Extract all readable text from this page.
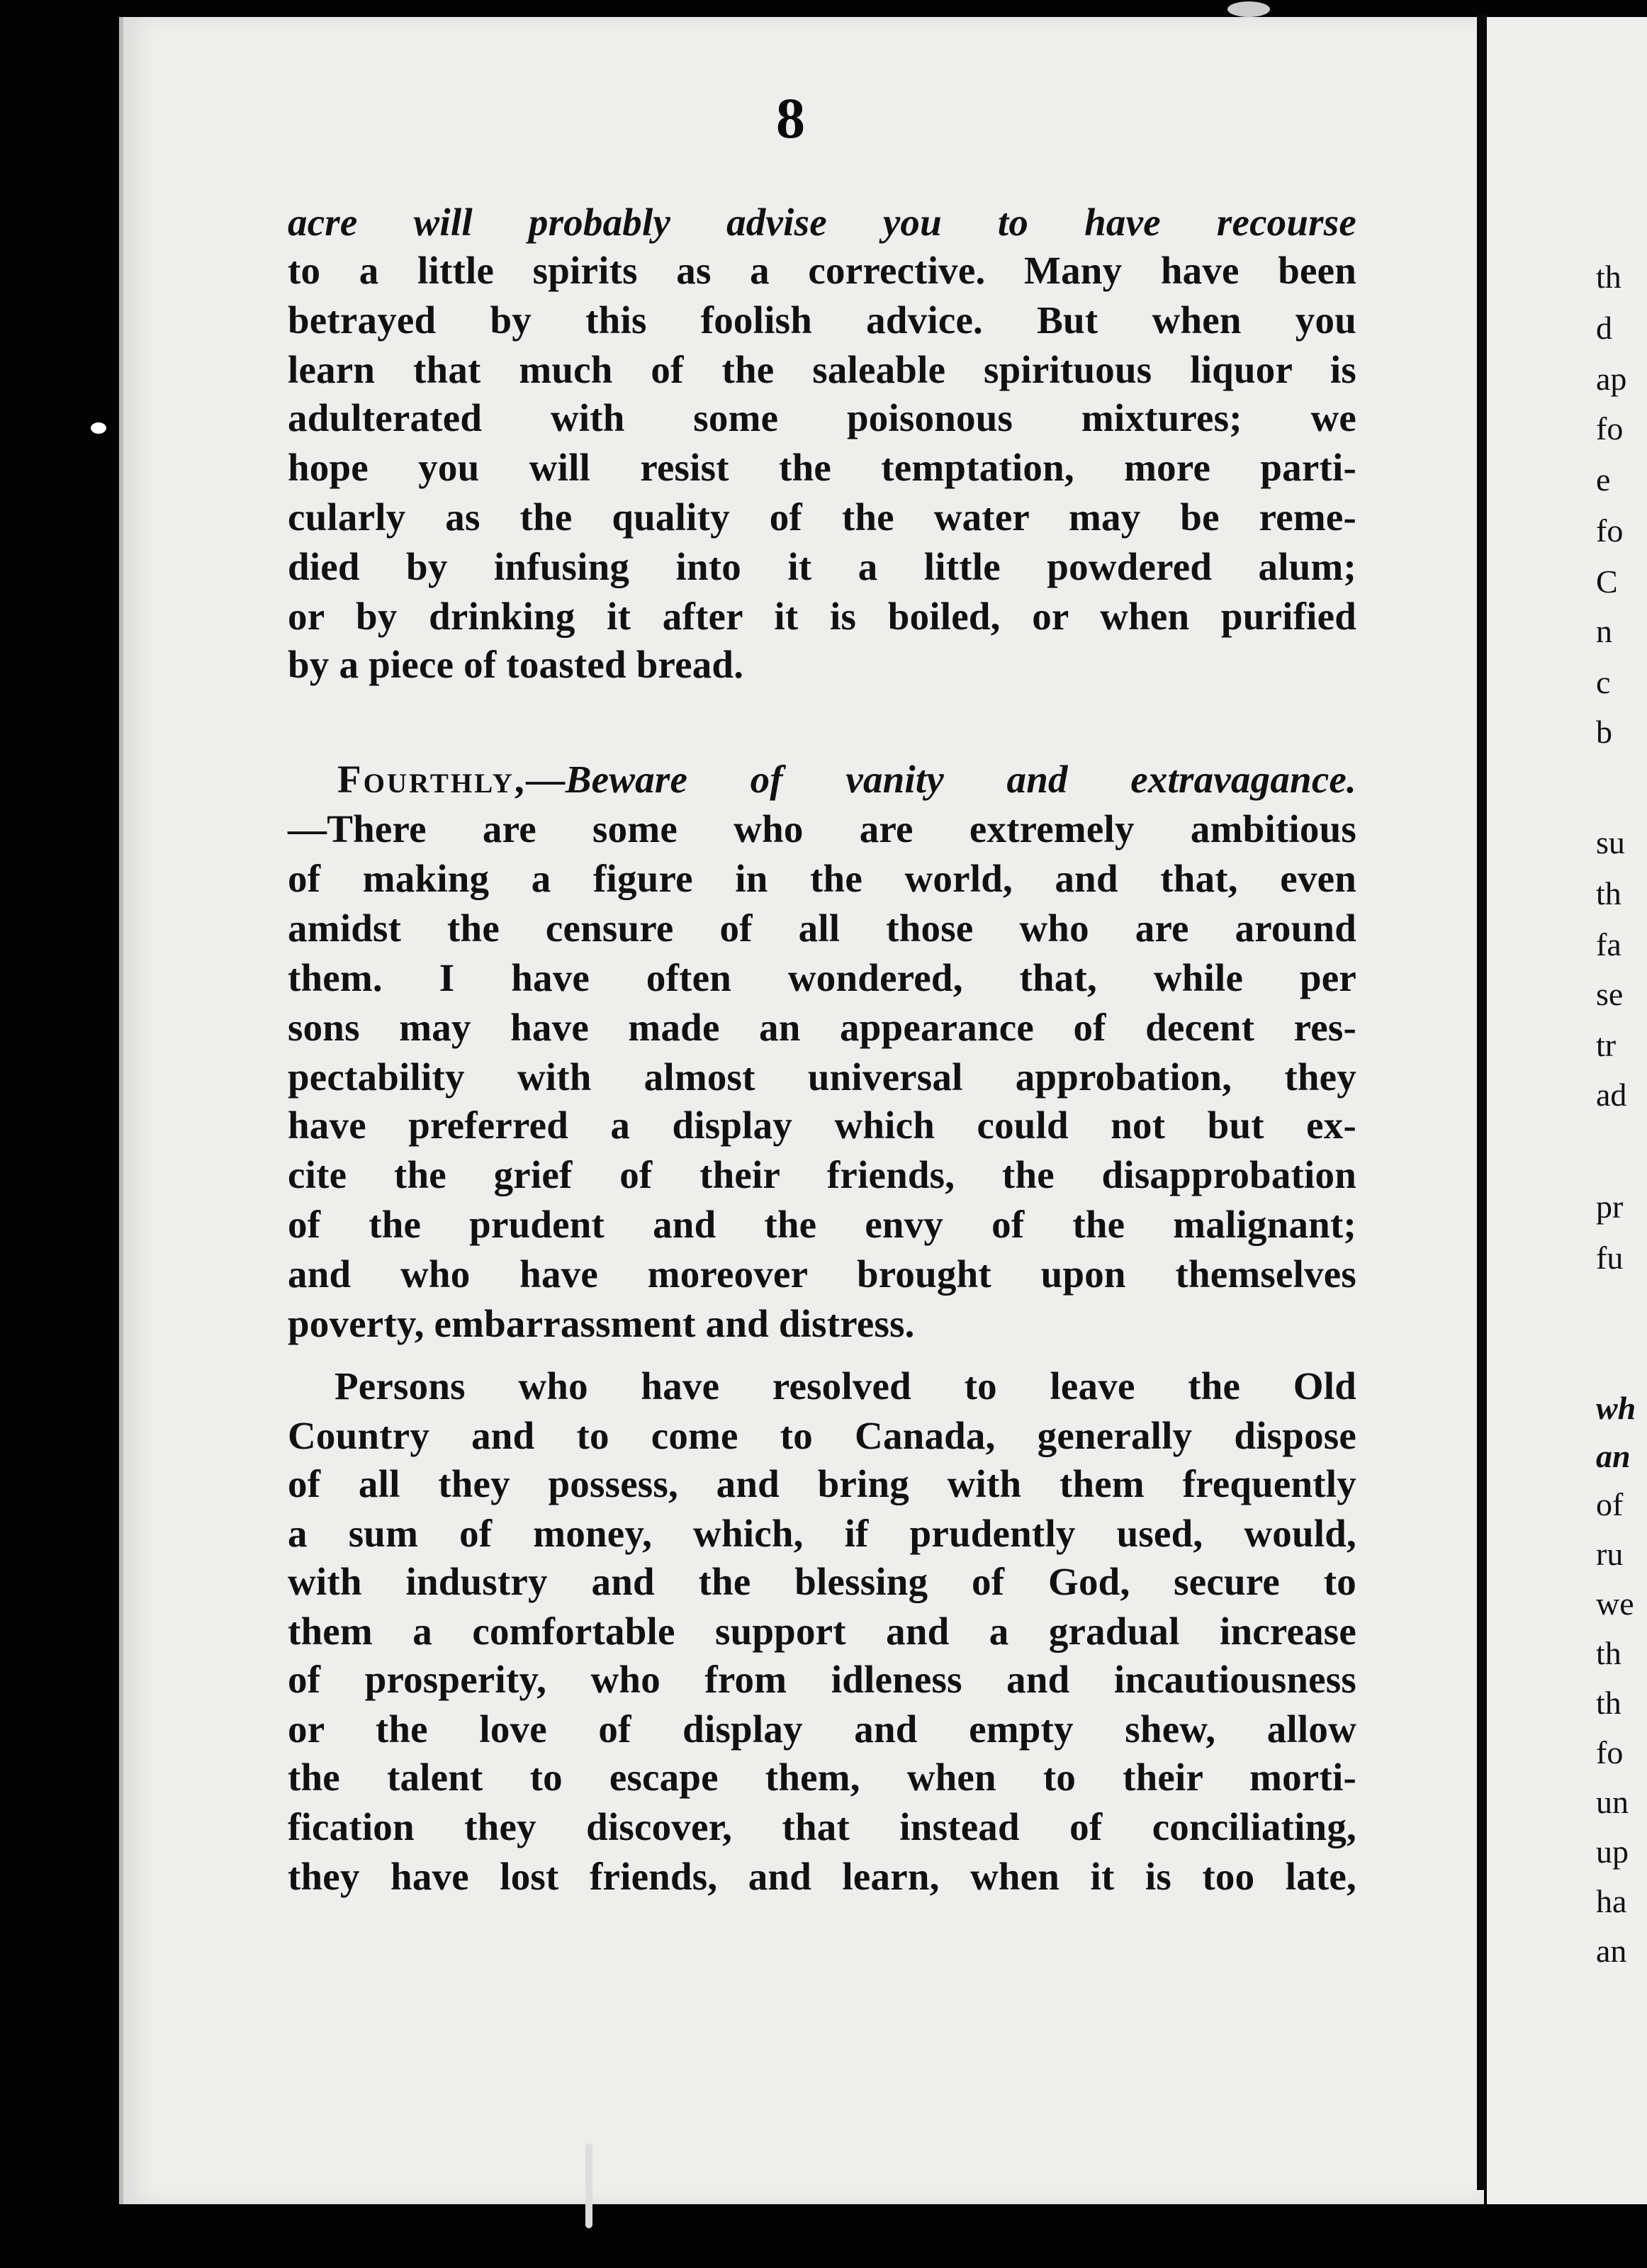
8
acre will probably advise you to have recourse
to a little spirits as a corrective. Many have been
betrayed by this foolish advice. But when you
learn that much of the saleable spirituous liquor is
adulterated with some poisonous mixtures; we
hope you will resist the temptation, more parti-
cularly as the quality of the water may be reme-
died by infusing into it a little powdered alum;
or by drinking it after it is boiled, or when purified
by a piece of toasted bread.
Fourthly,—Beware of vanity and extravagance.
—There are some who are extremely ambitious
of making a figure in the world, and that, even
amidst the censure of all those who are around
them. I have often wondered, that, while per
sons may have made an appearance of decent res-
pectability with almost universal approbation, they
have preferred a display which could not but ex-
cite the grief of their friends, the disapprobation
of the prudent and the envy of the malignant;
and who have moreover brought upon themselves
poverty, embarrassment and distress.
Persons who have resolved to leave the Old
Country and to come to Canada, generally dispose
of all they possess, and bring with them frequently
a sum of money, which, if prudently used, would,
with industry and the blessing of God, secure to
them a comfortable support and a gradual increase
of prosperity, who from idleness and incautiousness
or the love of display and empty shew, allow
the talent to escape them, when to their morti-
fication they discover, that instead of conciliating,
they have lost friends, and learn, when it is too late,
th
d
ap
fo
e
fo
C
n
c
b
su
th
fa
se
tr
ad
pr
fu
wh
an
of
ru
we
th
th
fo
un
up
ha
an
